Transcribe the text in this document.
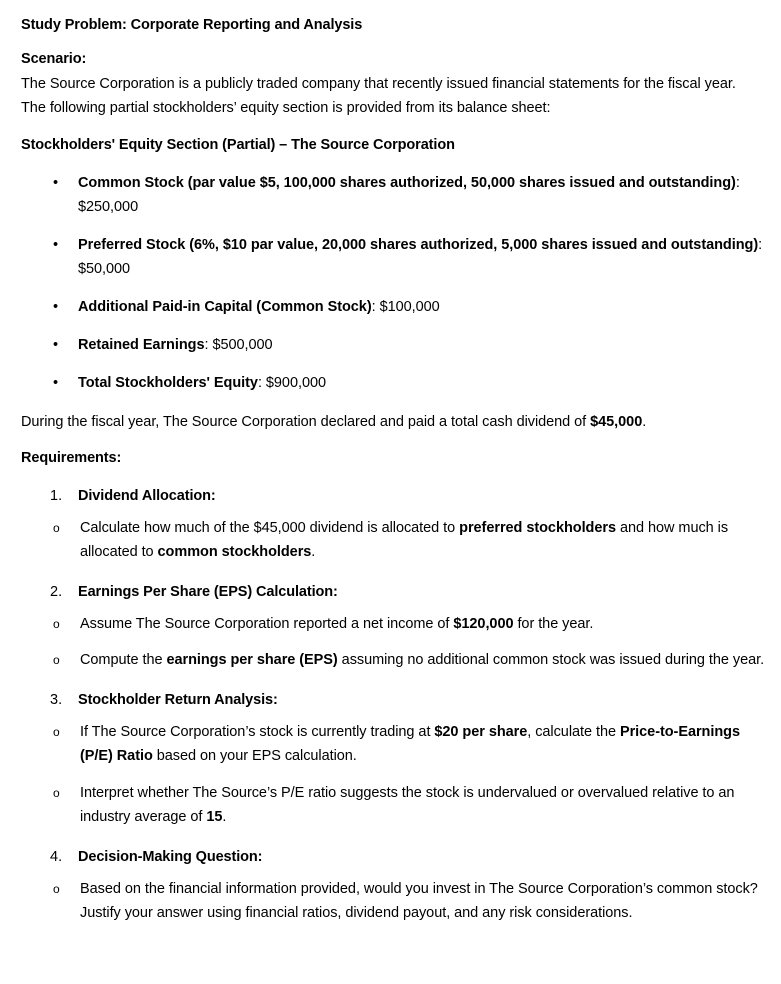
Study Problem: Corporate Reporting and Analysis
Scenario:

The Source Corporation is a publicly traded company that recently issued financial statements for the fiscal year. The following partial stockholders’ equity section is provided from its balance sheet:

Stockholders' Equity Section (Partial) – The Source Corporation
• Common Stock (par value $5, 100,000 shares authorized, 50,000 shares issued and outstanding): $250,000
• Preferred Stock (6%, $10 par value, 20,000 shares authorized, 5,000 shares issued and outstanding): $50,000
• Additional Paid-in Capital (Common Stock): $100,000
• Retained Earnings: $500,000
• Total Stockholders' Equity: $900,000

During the fiscal year, The Source Corporation declared and paid a total cash dividend of $45,000.

Requirements:
1. Dividend Allocation:
o Calculate how much of the $45,000 dividend is allocated to preferred stockholders and how much is allocated to common stockholders.
2. Earnings Per Share (EPS) Calculation:
o Assume The Source Corporation reported a net income of $120,000 for the year.
o Compute the earnings per share (EPS) assuming no additional common stock was issued during the year.
3. Stockholder Return Analysis:
o If The Source Corporation’s stock is currently trading at $20 per share, calculate the Price-to-Earnings (P/E) Ratio based on your EPS calculation.
o Interpret whether The Source’s P/E ratio suggests the stock is undervalued or overvalued relative to an industry average of 15.
4. Decision-Making Question:
o Based on the financial information provided, would you invest in The Source Corporation’s common stock? Justify your answer using financial ratios, dividend payout, and any risk considerations.
